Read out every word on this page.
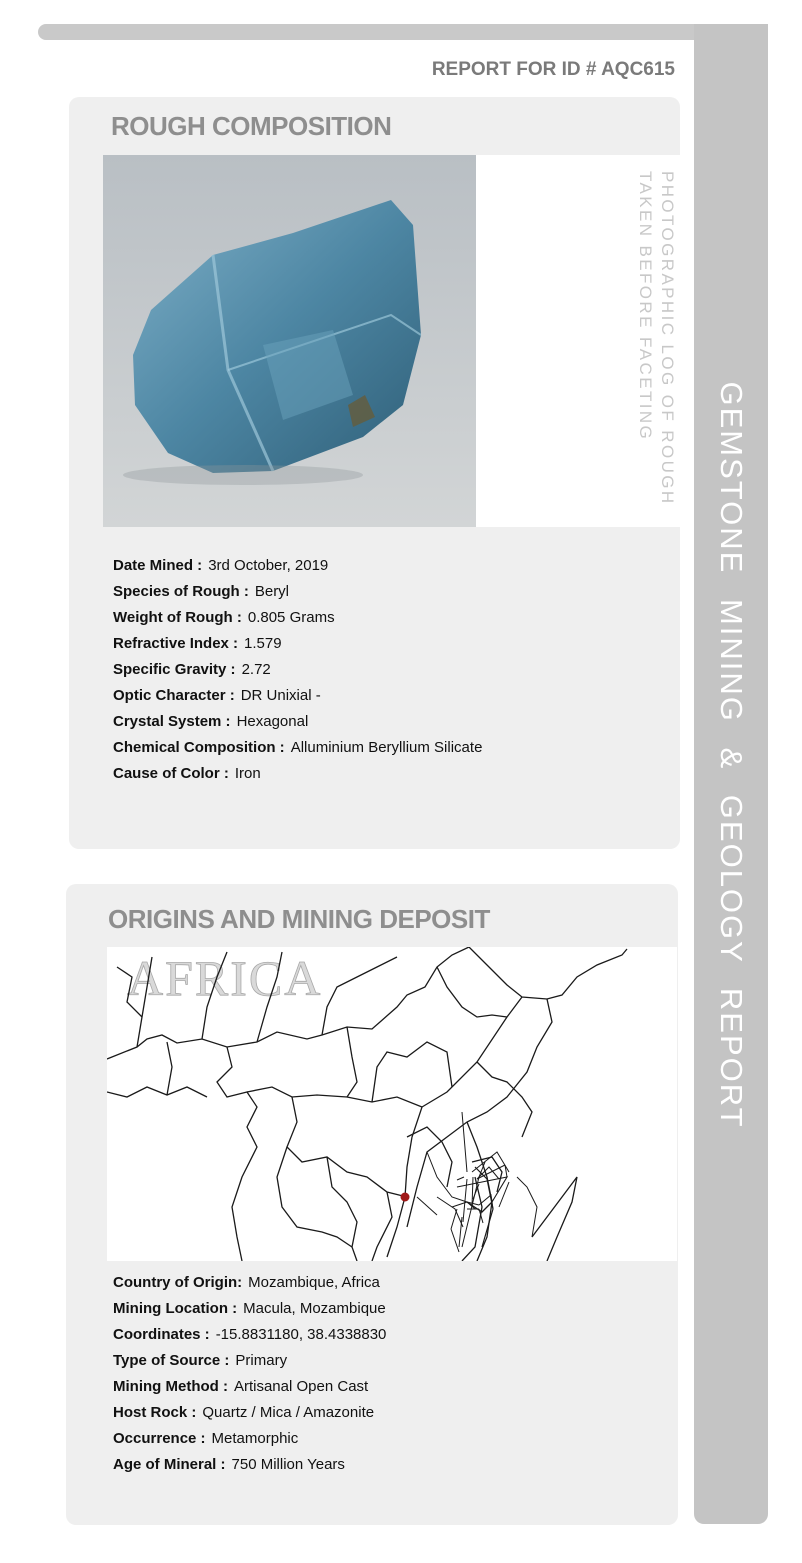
GEMSTONE MINING & GEOLOGY REPORT
REPORT FOR ID # AQC615
ROUGH COMPOSITION
PHOTOGRAPHIC LOG OF ROUGH TAKEN BEFORE FACETING
Date Mined : 3rd October, 2019
Species of Rough : Beryl
Weight of Rough : 0.805 Grams
Refractive Index : 1.579
Specific Gravity : 2.72
Optic Character : DR Unixial -
Crystal System : Hexagonal
Chemical Composition : Alluminium Beryllium Silicate
Cause of Color : Iron
ORIGINS AND MINING DEPOSIT
AFRICA
Country of Origin: Mozambique, Africa
Mining Location : Macula, Mozambique
Coordinates : -15.8831180, 38.4338830
Type of Source : Primary
Mining Method : Artisanal Open Cast
Host Rock : Quartz / Mica / Amazonite
Occurrence : Metamorphic
Age of Mineral : 750 Million Years
